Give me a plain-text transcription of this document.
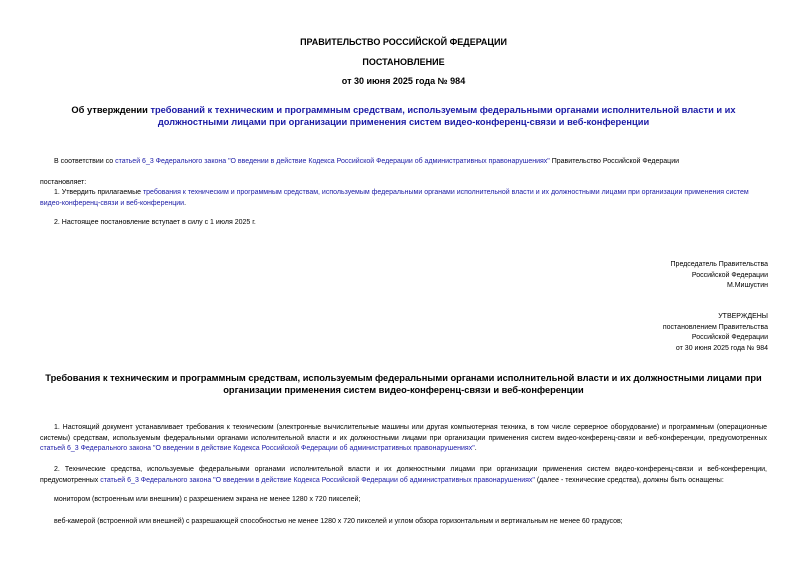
ПРАВИТЕЛЬСТВО РОССИЙСКОЙ ФЕДЕРАЦИИ
ПОСТАНОВЛЕНИЕ
от 30 июня 2025 года № 984
Об утверждении требований к техническим и программным средствам, используемым федеральными органами исполнительной власти и их должностными лицами при организации применения систем видео-конференц-связи и веб-конференции
В соответствии со статьей 6_3 Федерального закона "О введении в действие Кодекса Российской Федерации об административных правонарушениях" Правительство Российской Федерации
постановляет:
1. Утвердить прилагаемые требования к техническим и программным средствам, используемым федеральными органами исполнительной власти и их должностными лицами при организации применения систем видео-конференц-связи и веб-конференции.
2. Настоящее постановление вступает в силу с 1 июля 2025 г.
Председатель Правительства
Российской Федерации
М.Мишустин
УТВЕРЖДЕНЫ
постановлением Правительства
Российской Федерации
от 30 июня 2025 года № 984
Требования к техническим и программным средствам, используемым федеральными органами исполнительной власти и их должностными лицами при организации применения систем видео-конференц-связи и веб-конференции
1. Настоящий документ устанавливает требования к техническим (электронные вычислительные машины или другая компьютерная техника, в том числе серверное оборудование) и программным (операционные системы) средствам, используемым федеральными органами исполнительной власти и их должностными лицами при организации применения систем видео-конференц-связи и веб-конференции, предусмотренных статьей 6_3 Федерального закона "О введении в действие Кодекса Российской Федерации об административных правонарушениях".
2. Технические средства, используемые федеральными органами исполнительной власти и их должностными лицами при организации применения систем видео-конференц-связи и веб-конференции, предусмотренных статьей 6_3 Федерального закона "О введении в действие Кодекса Российской Федерации об административных правонарушениях" (далее - технические средства), должны быть оснащены:
монитором (встроенным или внешним) с разрешением экрана не менее 1280 x 720 пикселей;
веб-камерой (встроенной или внешней) с разрешающей способностью не менее 1280 x 720 пикселей и углом обзора горизонтальным и вертикальным не менее 60 градусов;
